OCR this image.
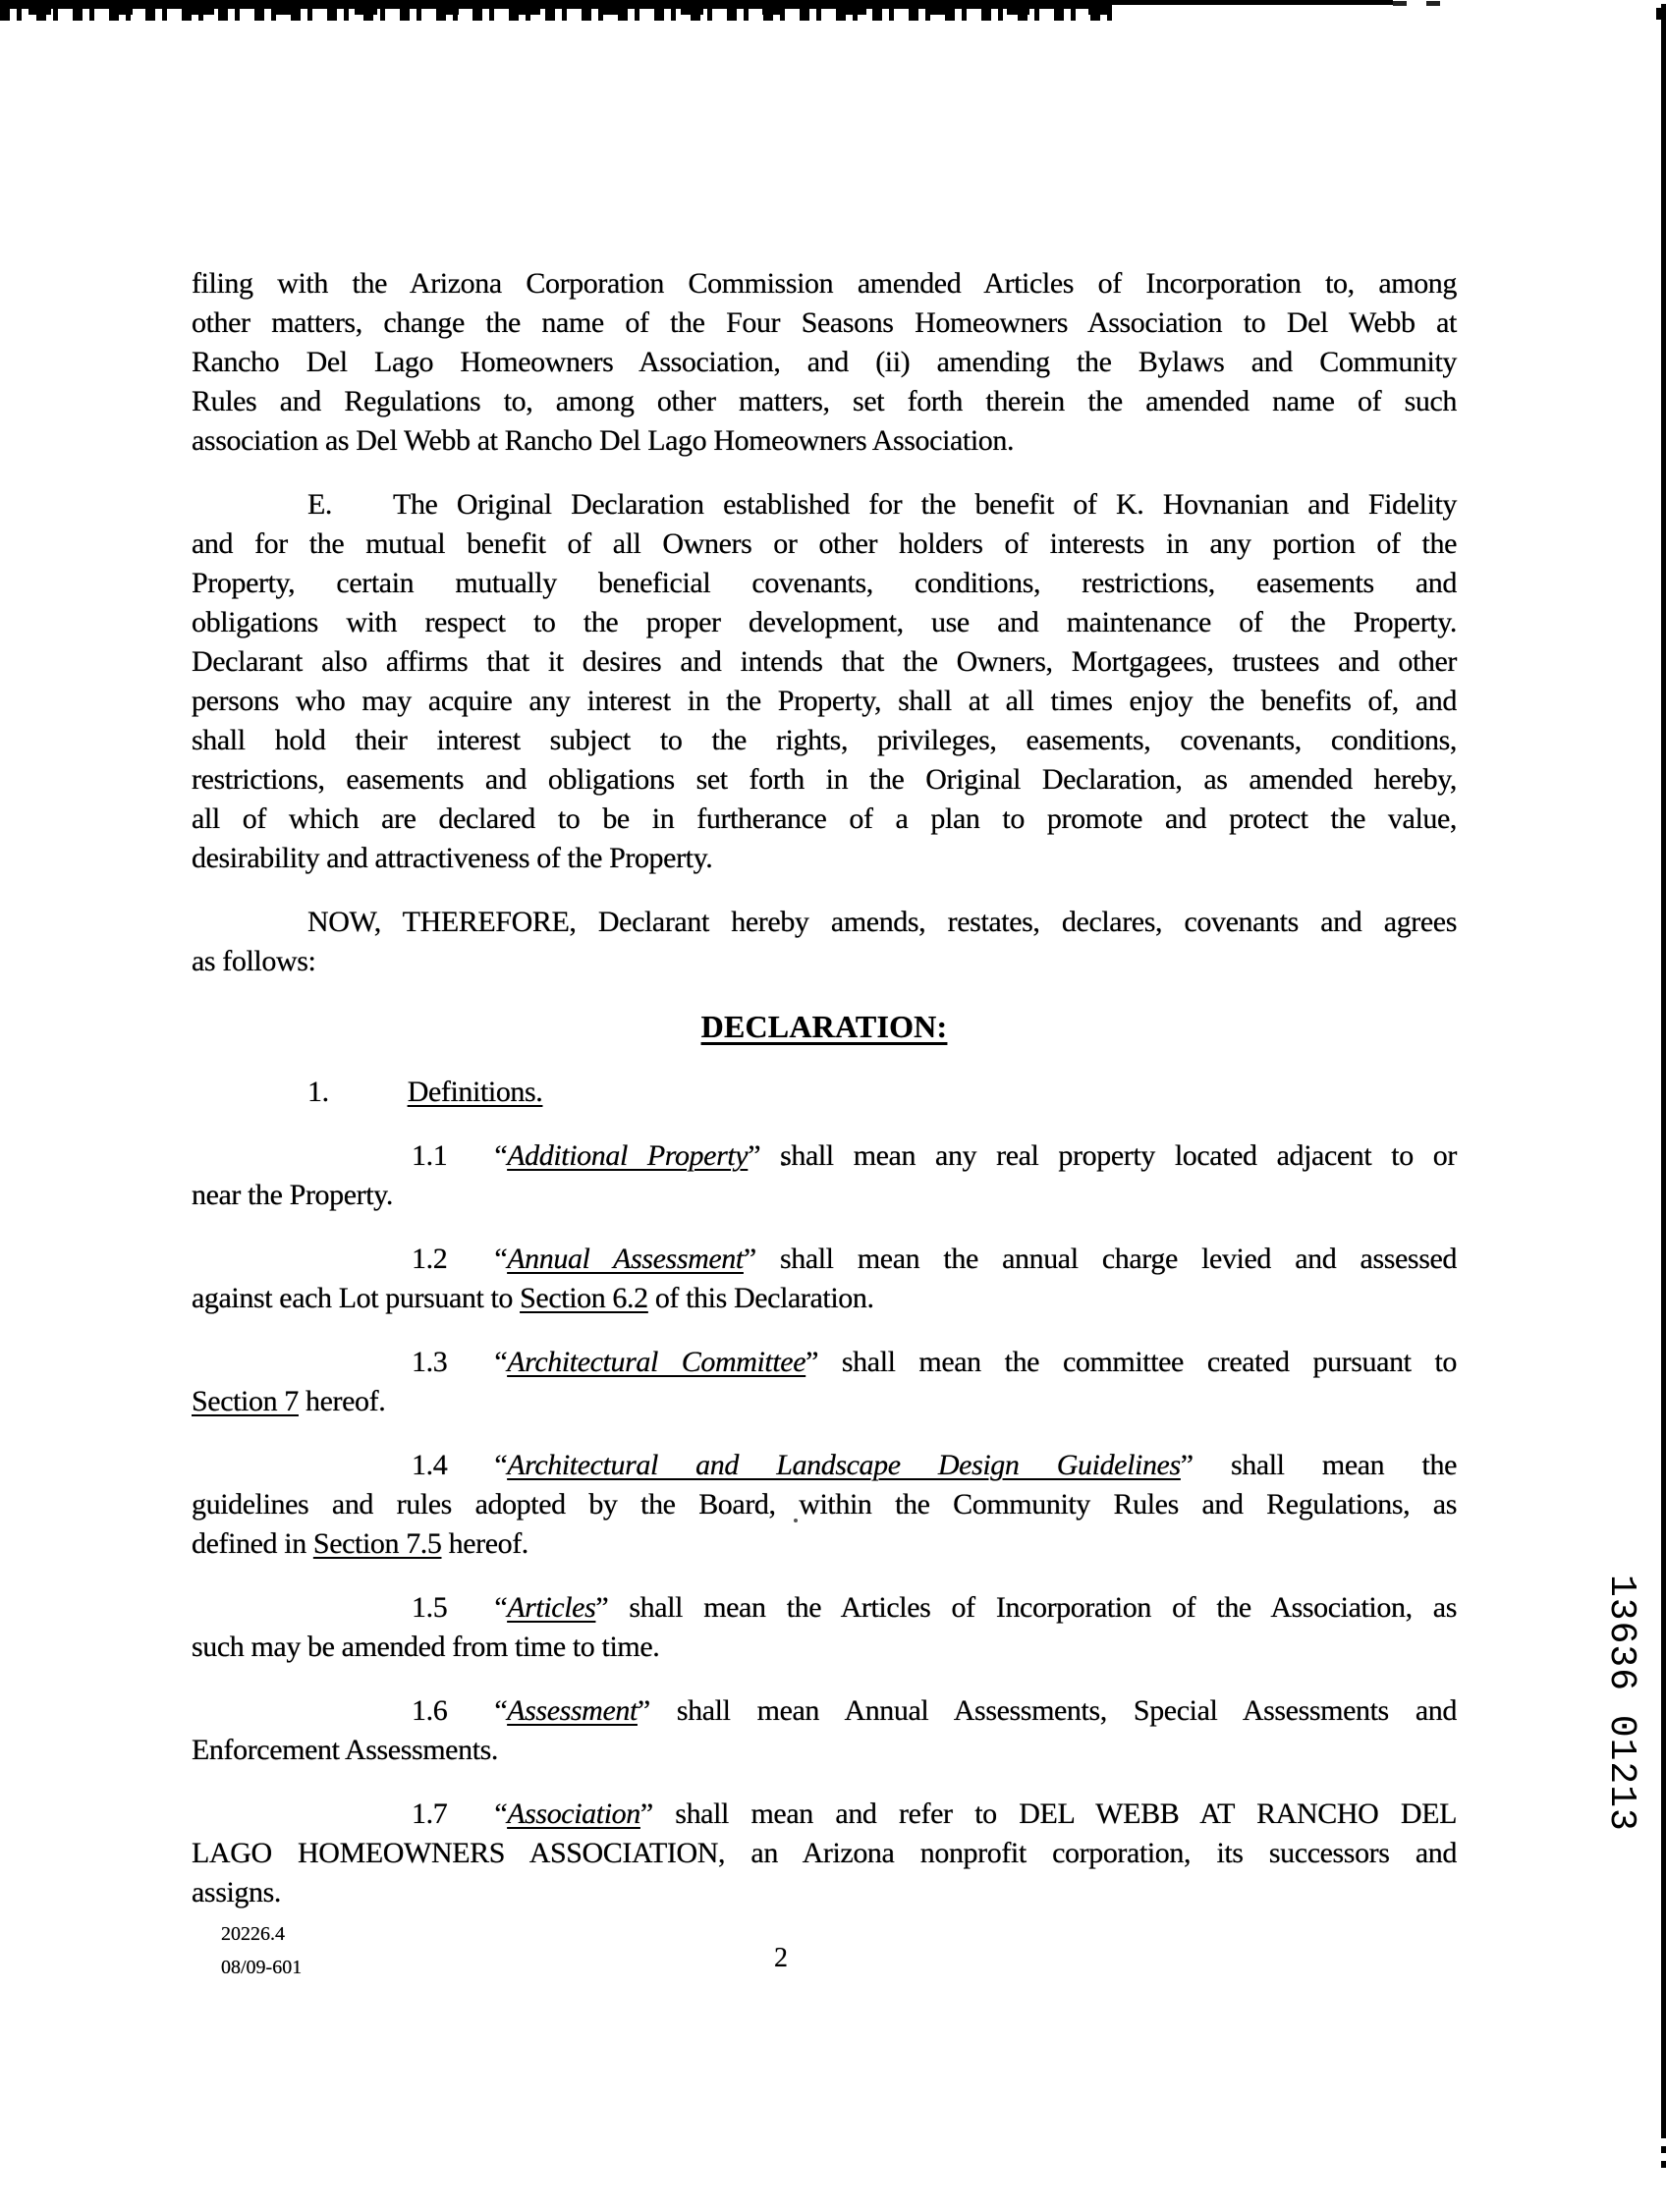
filing with the Arizona Corporation Commission amended Articles of Incorporation to, among
other matters, change the name of the Four Seasons Homeowners Association to Del Webb at
Rancho Del Lago Homeowners Association, and (ii) amending the Bylaws and Community
Rules and Regulations to, among other matters, set forth therein the amended name of such
association as Del Webb at Rancho Del Lago Homeowners Association.
E. The Original Declaration established for the benefit of K. Hovnanian and Fidelity
and for the mutual benefit of all Owners or other holders of interests in any portion of the
Property, certain mutually beneficial covenants, conditions, restrictions, easements and
obligations with respect to the proper development, use and maintenance of the Property.
Declarant also affirms that it desires and intends that the Owners, Mortgagees, trustees and other
persons who may acquire any interest in the Property, shall at all times enjoy the benefits of, and
shall hold their interest subject to the rights, privileges, easements, covenants, conditions,
restrictions, easements and obligations set forth in the Original Declaration, as amended hereby,
all of which are declared to be in furtherance of a plan to promote and protect the value,
desirability and attractiveness of the Property.
NOW, THEREFORE, Declarant hereby amends, restates, declares, covenants and agrees
as follows:
DECLARATION:
1.	Definitions.
1.1 “Additional Property” shall mean any real property located adjacent to or
near the Property.
1.2 “Annual Assessment” shall mean the annual charge levied and assessed
against each Lot pursuant to Section 6.2 of this Declaration.
1.3 “Architectural Committee” shall mean the committee created pursuant to
Section 7 hereof.
1.4 “Architectural and Landscape Design Guidelines” shall mean the
guidelines and rules adopted by the Board, within the Community Rules and Regulations, as
defined in Section 7.5 hereof.
1.5 “Articles” shall mean the Articles of Incorporation of the Association, as
such may be amended from time to time.
1.6 “Assessment” shall mean Annual Assessments, Special Assessments and
Enforcement Assessments.
1.7 “Association” shall mean and refer to DEL WEBB AT RANCHO DEL
LAGO HOMEOWNERS ASSOCIATION, an Arizona nonprofit corporation, its successors and
assigns.
13636 01213
20226.4
08/09-601	2
